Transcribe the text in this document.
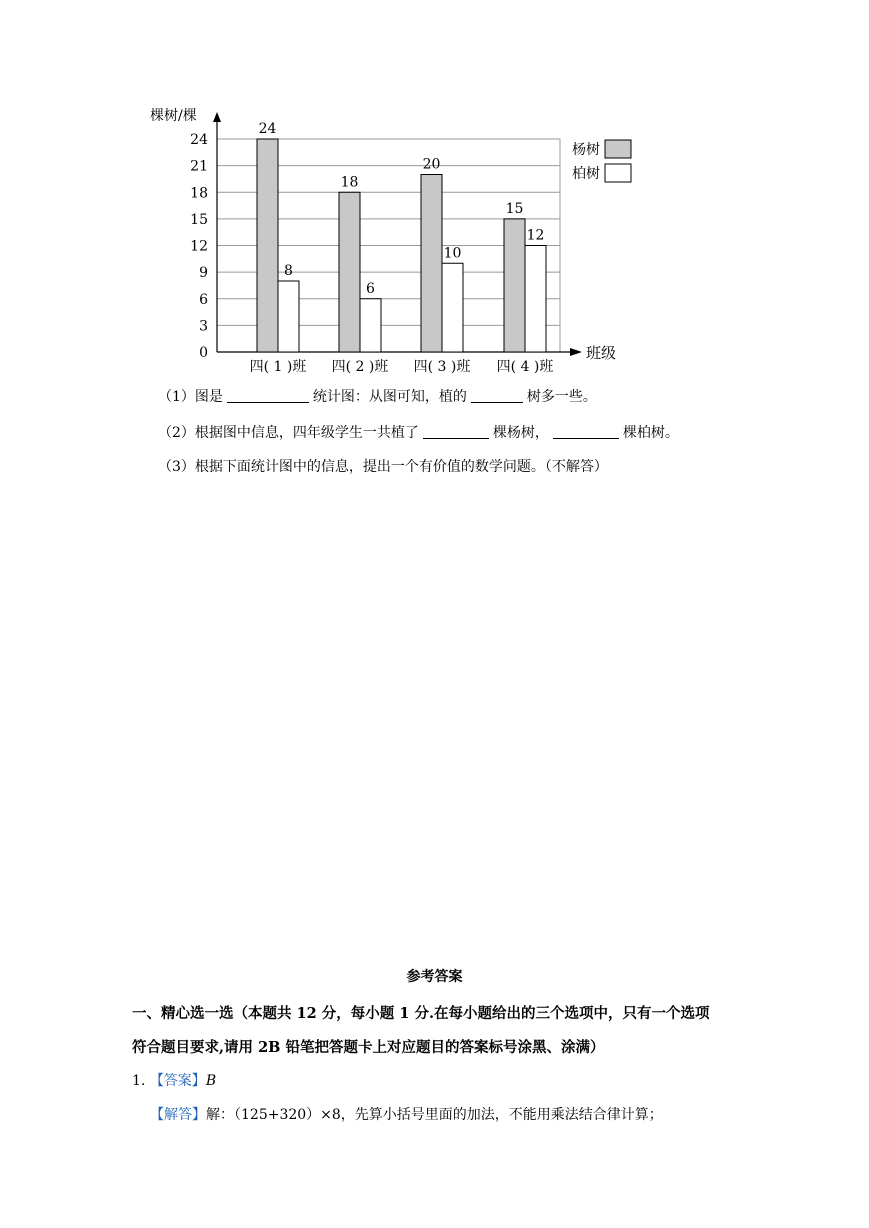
0
3
6
9
12
15
18
21
24
四( 1 )班 四( 2 )班 四( 3 )班 四( 4 )班
棵树/棵
班级
24
8
18
6
20
10
15
12
杨树
柏树
（1）图是	统计图：从图可知，植的	树多一些。
（2）根据图中信息，四年级学生一共植了	棵杨树，	棵柏树。
（3）根据下面统计图中的信息，提出一个有价值的数学问题。（不解答）
参考答案
一、精心选一选（本题共 12 分，每小题 1 分.在每小题给出的三个选项中，只有一个选项
符合题目要求,请用 2B 铅笔把答题卡上对应题目的答案标号涂黑、涂满）
1. 【答案】B
【解答】解：（125+320）×8，先算小括号里面的加法，不能用乘法结合律计算；
